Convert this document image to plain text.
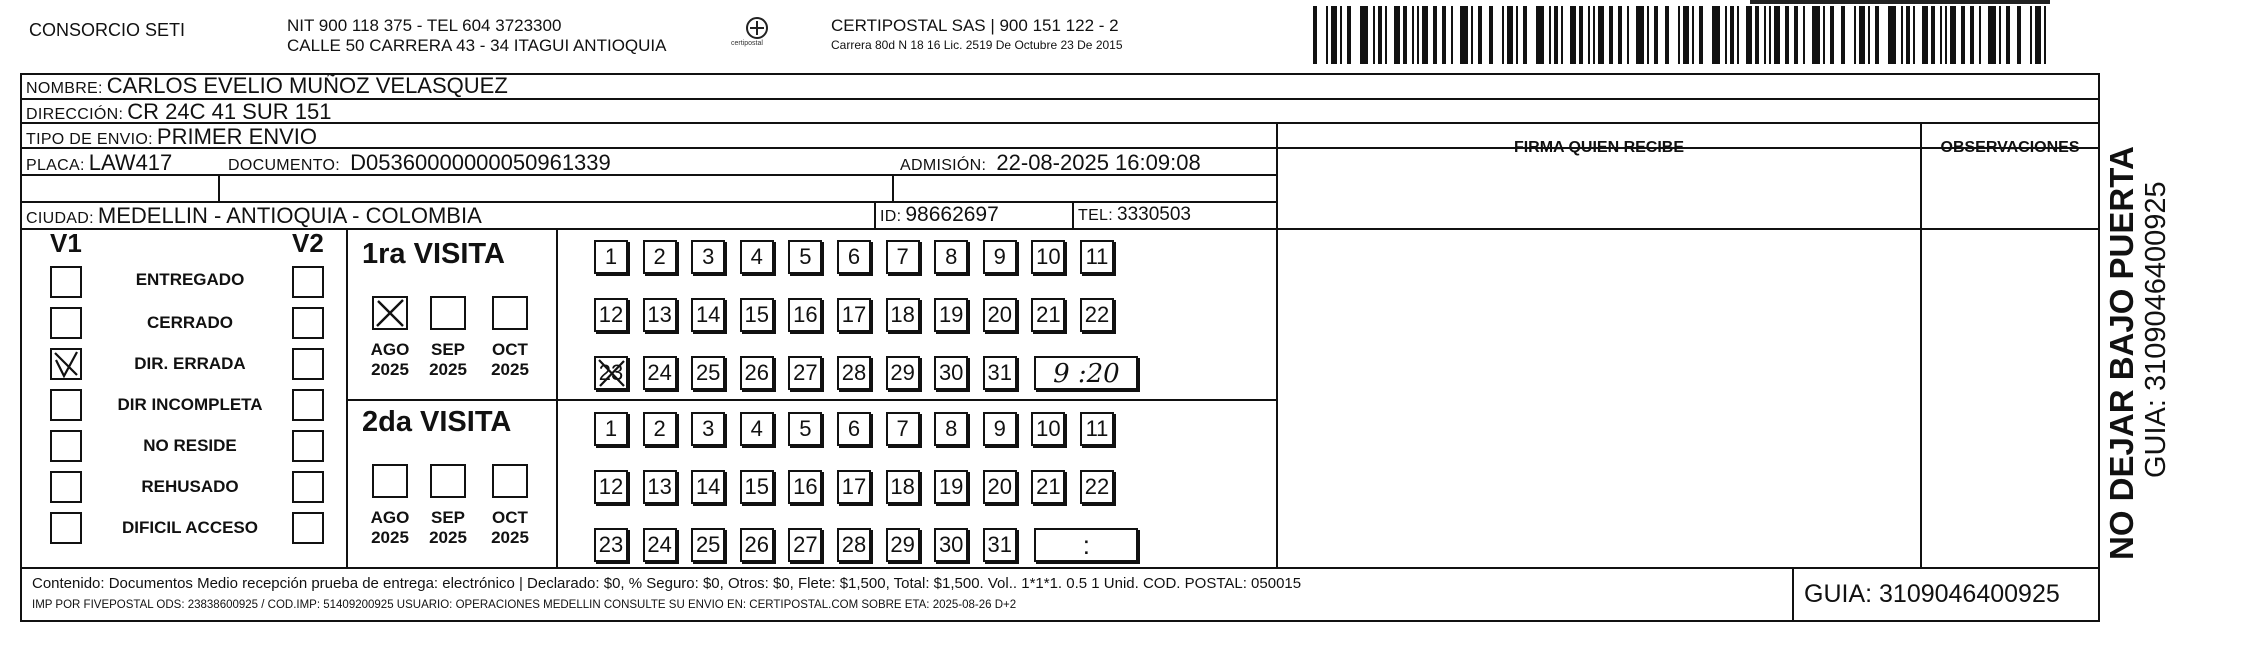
CONSORCIO SETI	NIT 900 118 375 - TEL 604 3723300
CALLE 50 CARRERA 43 - 34 ITAGUI ANTIOQUIA	certipostal
CERTIPOSTAL SAS | 900 151 122 - 2
Carrera 80d N 18 16 Lic. 2519 De Octubre 23 De 2015
NOMBRE: CARLOS EVELIO MUÑOZ VELASQUEZ
DIRECCIÓN: CR 24C 41 SUR 151
TIPO DE ENVIO: PRIMER ENVIO
PLACA: LAW417	DOCUMENTO: D05360000000050961339	ADMISIÓN: 22-08-2025 16:09:08
CIUDAD: MEDELLIN - ANTIOQUIA - COLOMBIA	ID: 98662697	TEL: 3330503
FIRMA QUIEN RECIBE	OBSERVACIONES
V1	V2
ENTREGADO
CERRADO
DIR. ERRADA
DIR INCOMPLETA
NO RESIDE
REHUSADO
DIFICIL ACCESO
1ra VISITA
AGO
2025
SEP
2025
OCT
2025
2da VISITA
AGO
2025
SEP
2025
OCT
2025
1	2	3	4	5	6	7	8	9	10 11
12 13 14 15 16 17 18 19 20 21 22
23 24 25 26 27 28 29 30 31	9 :20
1	2	3	4	5	6	7	8	9	10 11
12 13 14 15 16 17 18 19 20 21 22
23 24 25 26 27 28 29 30 31	:
Contenido: Documentos Medio recepción prueba de entrega: electrónico | Declarado: $0, % Seguro: $0, Otros: $0, Flete: $1,500, Total: $1,500. Vol.. 1*1*1. 0.5 1 Unid. COD. POSTAL: 050015
IMP POR FIVEPOSTAL ODS: 23838600925 / COD.IMP: 51409200925 USUARIO: OPERACIONES MEDELLIN CONSULTE SU ENVIO EN: CERTIPOSTAL.COM SOBRE ETA: 2025-08-26 D+2	GUIA: 3109046400925
NO DEJAR BAJO PUERTA GUIA: 3109046400925
